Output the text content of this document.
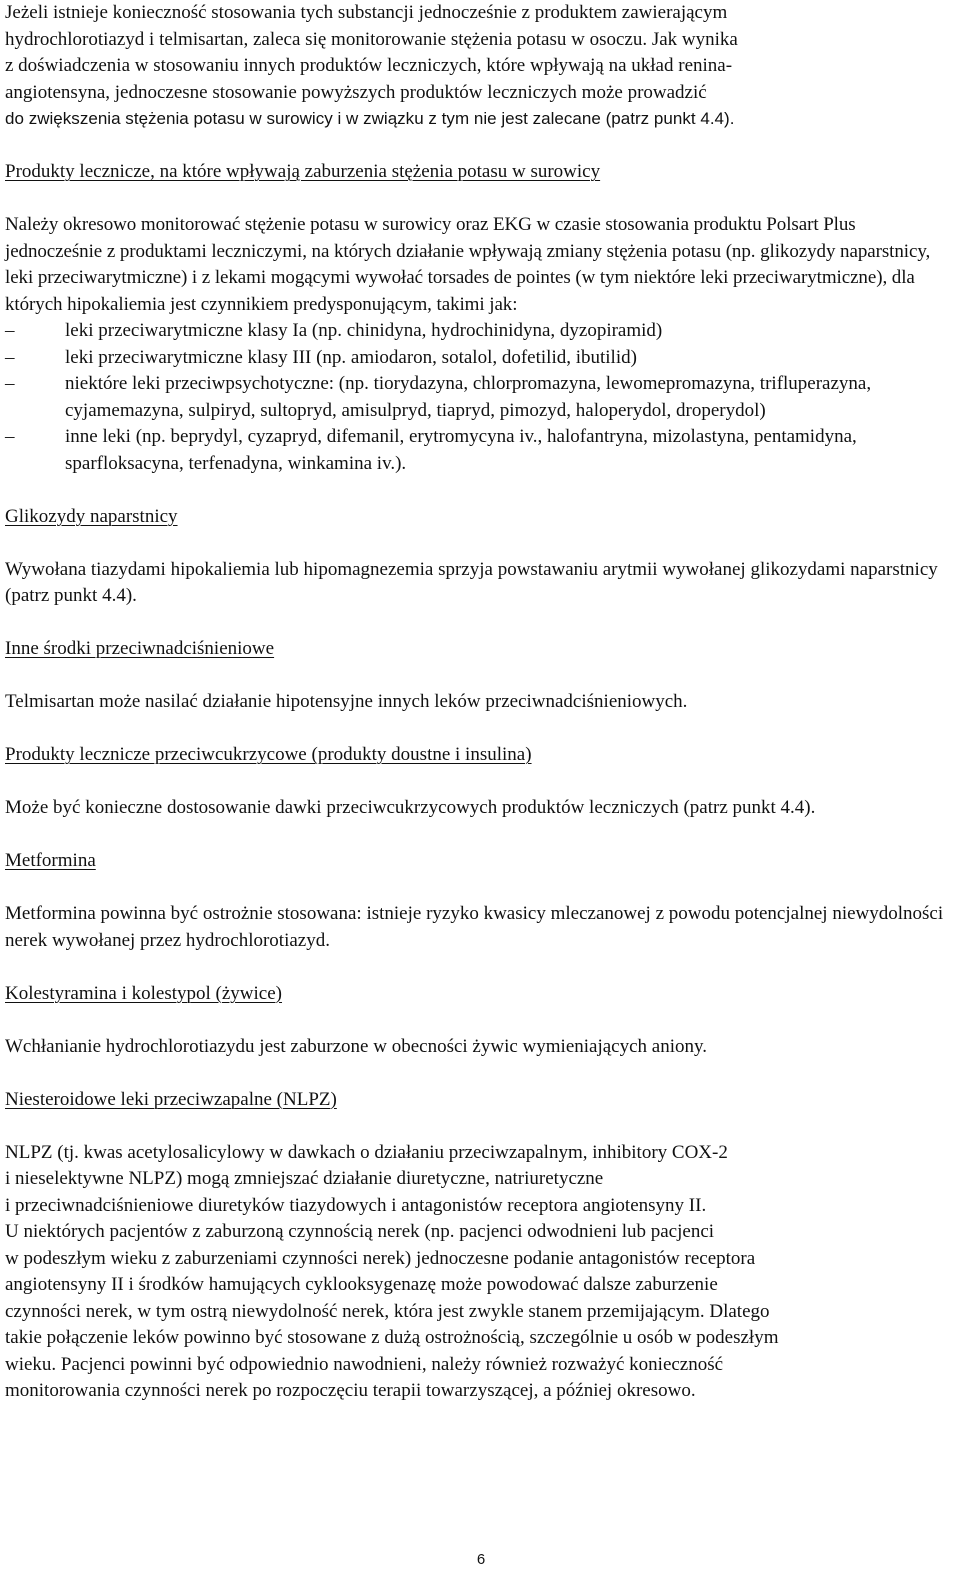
Jeżeli istnieje konieczność stosowania tych substancji jednocześnie z produktem zawierającym

hydrochlorotiazyd i telmisartan, zaleca się monitorowanie stężenia potasu w osoczu. Jak wynika

z doświadczenia w stosowaniu innych produktów leczniczych, które wpływają na układ renina-

angiotensyna, jednoczesne stosowanie powyższych produktów leczniczych może prowadzić

do zwiększenia stężenia potasu w surowicy i w związku z tym nie jest zalecane (patrz punkt 4.4).

Produkty lecznicze, na które wpływają zaburzenia stężenia potasu w surowicy

Należy okresowo monitorować stężenie potasu w surowicy oraz EKG w czasie stosowania produktu Polsart Plus jednocześnie z produktami leczniczymi, na których działanie wpływają zmiany stężenia potasu (np. glikozydy naparstnicy, leki przeciwarytmiczne) i z lekami mogącymi wywołać torsades de pointes (w tym niektóre leki przeciwarytmiczne), dla których hipokaliemia jest czynnikiem predysponującym, takimi jak:

–	leki przeciwarytmiczne klasy Ia (np. chinidyna, hydrochinidyna, dyzopiramid)
–	leki przeciwarytmiczne klasy III (np. amiodaron, sotalol, dofetilid, ibutilid)
–	niektóre leki przeciwpsychotyczne: (np. tiorydazyna, chlorpromazyna, lewomepromazyna, trifluperazyna, cyjamemazyna, sulpiryd, sultopryd, amisulpryd, tiapryd, pimozyd, haloperydol, droperydol)
–	inne leki (np. beprydyl, cyzapryd, difemanil, erytromycyna iv., halofantryna, mizolastyna, pentamidyna, sparfloksacyna, terfenadyna, winkamina iv.).

Glikozydy naparstnicy

Wywołana tiazydami hipokaliemia lub hipomagnezemia sprzyja powstawaniu arytmii wywołanej glikozydami naparstnicy (patrz punkt 4.4).

Inne środki przeciwnadciśnieniowe

Telmisartan może nasilać działanie hipotensyjne innych leków przeciwnadciśnieniowych.

Produkty lecznicze przeciwcukrzycowe (produkty doustne i insulina)

Może być konieczne dostosowanie dawki przeciwcukrzycowych produktów leczniczych (patrz punkt 4.4).

Metformina

Metformina powinna być ostrożnie stosowana: istnieje ryzyko kwasicy mleczanowej z powodu potencjalnej niewydolności nerek wywołanej przez hydrochlorotiazyd.

Kolestyramina i kolestypol (żywice)

Wchłanianie hydrochlorotiazydu jest zaburzone w obecności żywic wymieniających aniony.

Niesteroidowe leki przeciwzapalne (NLPZ)

NLPZ (tj. kwas acetylosalicylowy w dawkach o działaniu przeciwzapalnym, inhibitory COX-2

i nieselektywne NLPZ) mogą zmniejszać działanie diuretyczne, natriuretyczne

i przeciwnadciśnieniowe diuretyków tiazydowych i antagonistów receptora angiotensyny II.

U niektórych pacjentów z zaburzoną czynnością nerek (np. pacjenci odwodnieni lub pacjenci

w podeszłym wieku z zaburzeniami czynności nerek) jednoczesne podanie antagonistów receptora

angiotensyny II i środków hamujących cyklooksygenazę może powodować dalsze zaburzenie

czynności nerek, w tym ostrą niewydolność nerek, która jest zwykle stanem przemijającym. Dlatego

takie połączenie leków powinno być stosowane z dużą ostrożnością, szczególnie u osób w podeszłym

wieku. Pacjenci powinni być odpowiednio nawodnieni, należy również rozważyć konieczność

monitorowania czynności nerek po rozpoczęciu terapii towarzyszącej, a później okresowo.

6
